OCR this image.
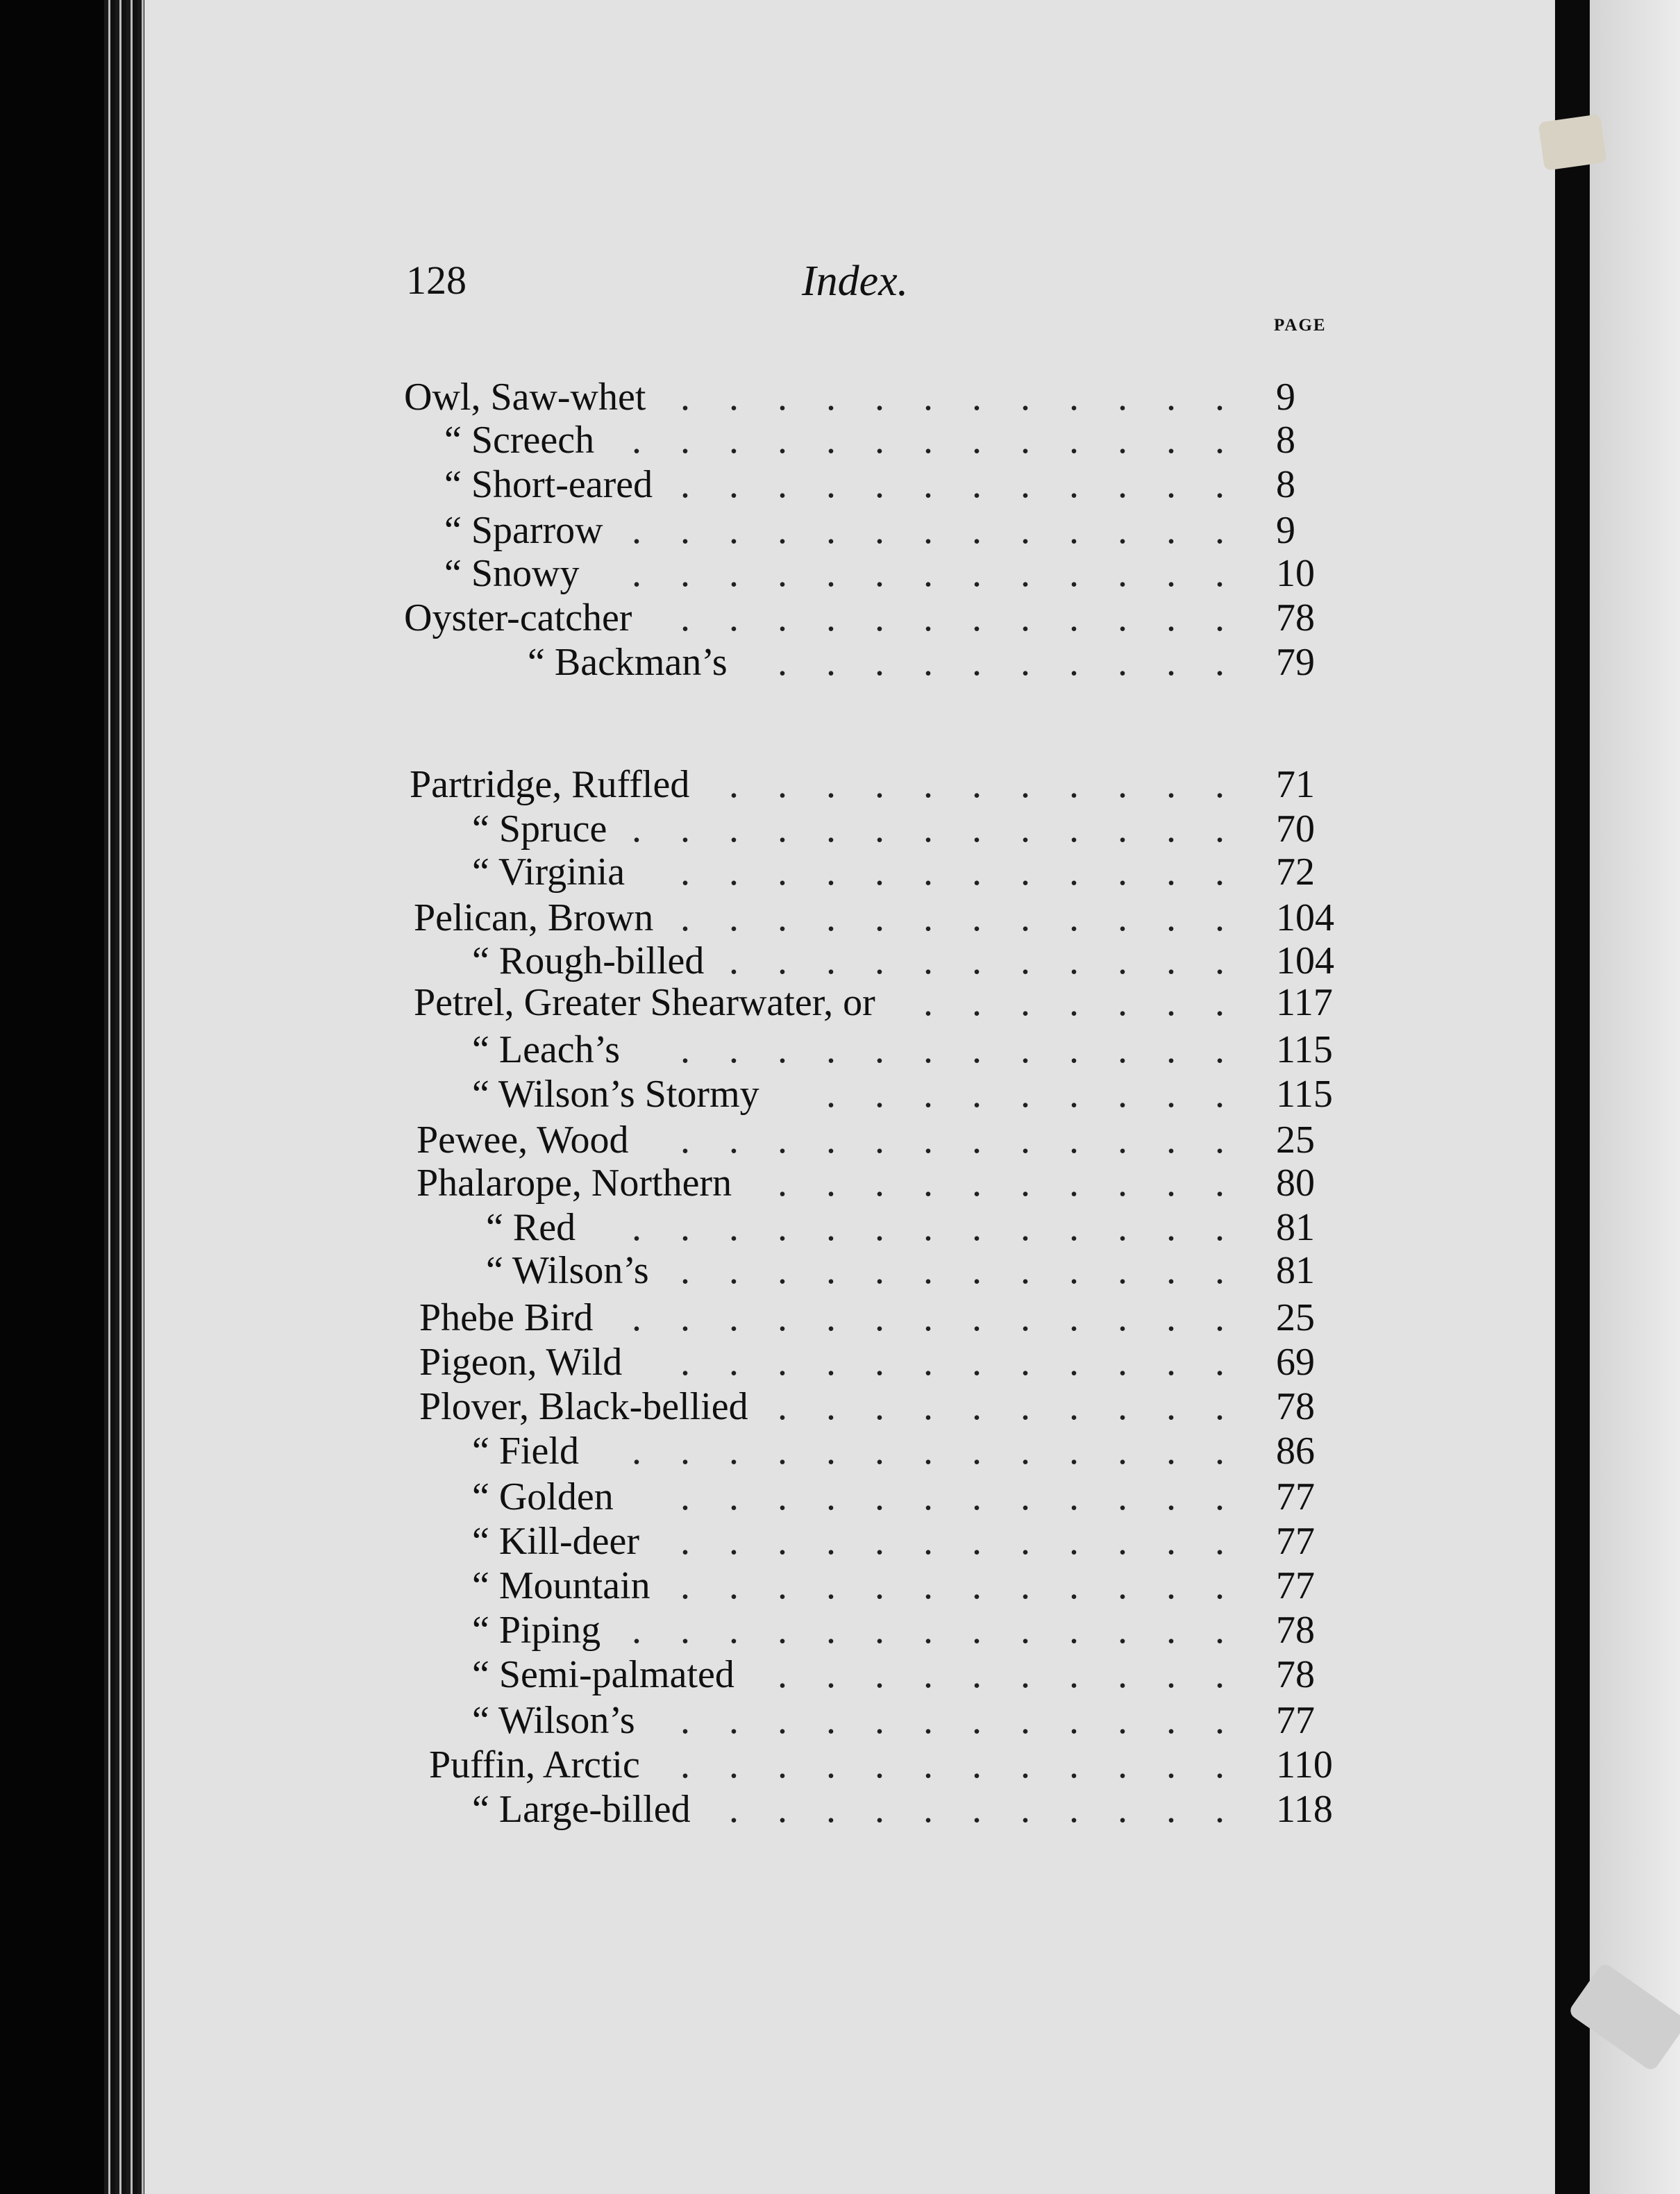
128	Index.
PAGE
Owl, Saw-whet	9
............
“ Screech	8
.............
“ Short-eared	8
............
“ Sparrow	9
.............
“ Snowy	10
.............
Oyster-catcher	78
............
“ Backman’s	79
..........
Partridge, Ruffled	71
...........
“ Spruce	70
.............
“ Virginia	72
............
Pelican, Brown	104
............
“ Rough-billed	104
...........
Petrel, Greater Shearwater, or	117
.......
“ Leach’s	115
............
“ Wilson’s Stormy	115
.........
Pewee, Wood	25
............
Phalarope, Northern	80
..........
“ Red	81
.............
“ Wilson’s	81
............
Phebe Bird	25
.............
Pigeon, Wild	69
............
Plover, Black-bellied	78
..........
“ Field	86
.............
“ Golden	77
............
“ Kill-deer	77
............
“ Mountain	77
............
“ Piping	78
.............
“ Semi-palmated	78
..........
“ Wilson’s	77
............
Puffin, Arctic	110
............
“ Large-billed	118
...........
